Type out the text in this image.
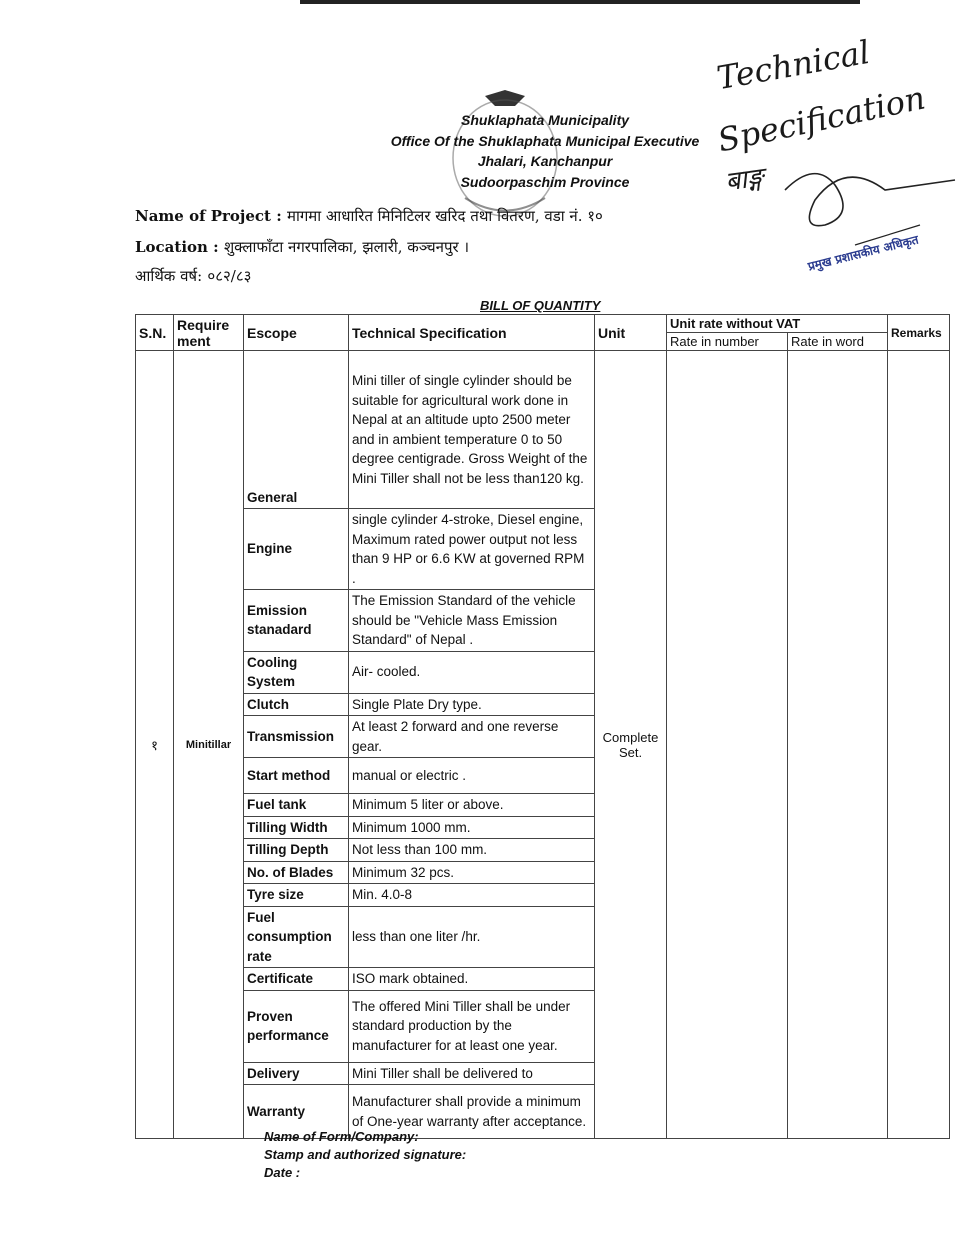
Shuklaphata Municipality
Office Of the Shuklaphata Municipal Executive
Jhalari, Kanchanpur
Sudoorpaschim Province
Technical
Specification
बाङ्ग
प्रमुख प्रशासकीय अधिकृत
Name of Project : मागमा आधारित मिनिटिलर खरिद तथा वितरण, वडा नं. १०
Location : शुक्लाफाँटा नगरपालिका, झलारी, कञ्चनपुर ।
आर्थिक वर्ष: ०८२/८३
BILL OF QUANTITY
S.N.	Require ment	Escope	Technical Specification	Unit	Unit rate without VAT		Remarks
					Rate in number	Rate in word	
१	Minitillar	General	Mini tiller of single cylinder should be suitable for agricultural work done in Nepal at an altitude upto 2500 meter and in ambient temperature 0 to 50 degree centigrade. Gross Weight of the Mini Tiller shall not be less than120 kg.	Complete Set.			
		Engine	single cylinder 4-stroke, Diesel engine, Maximum rated power output not less than 9 HP or 6.6 KW at governed RPM .				
		Emission stanadard	The Emission Standard of the vehicle should be "Vehicle Mass Emission Standard" of Nepal .				
		Cooling System	Air- cooled.				
		Clutch	Single Plate Dry type.				
		Transmission	At least 2 forward and one reverse gear.				
		Start method	manual or electric .				
		Fuel tank	Minimum 5 liter or above.				
		Tilling Width	Minimum 1000 mm.				
		Tilling Depth	Not less than 100 mm.				
		No. of Blades	Minimum 32 pcs.				
		Tyre size	Min. 4.0-8				
		Fuel consumption rate	less than one liter /hr.				
		Certificate	ISO mark obtained.				
		Proven performance	The offered Mini Tiller shall be under standard production by the manufacturer for at least one year.				
		Delivery	Mini Tiller shall be delivered to				
		Warranty	Manufacturer shall provide a minimum of One-year warranty after acceptance.				
Name of Form/Company:
Stamp and authorized signature:
Date :
